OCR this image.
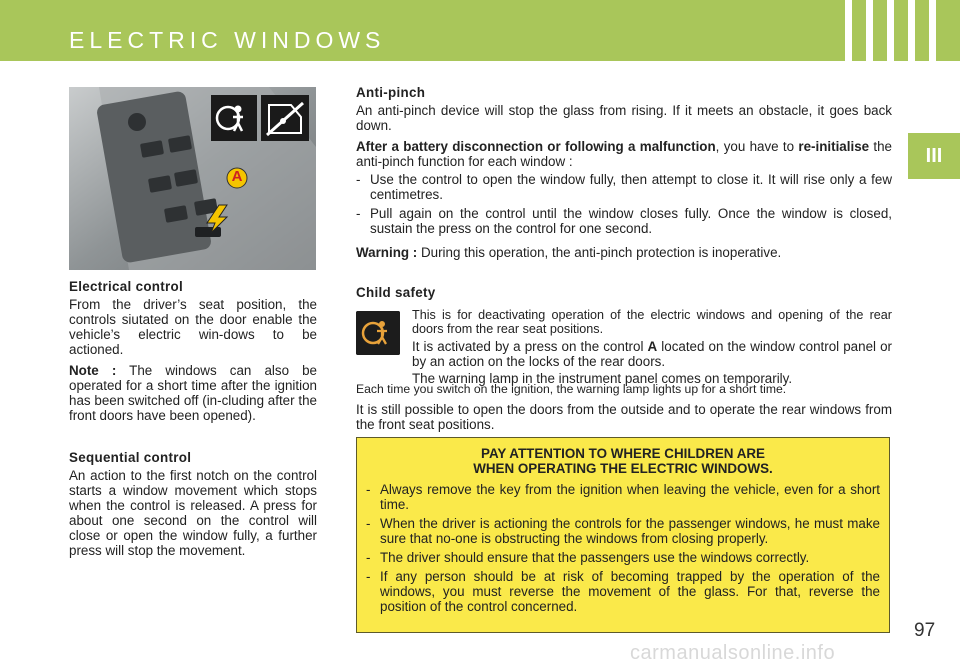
ELECTRIC WINDOWS
III
A

Electrical control

From the driver’s seat position, the controls siutated on the door enable the vehicle’s electric win-dows to be actioned.

Note : The windows can also be operated for a short time after the ignition has been switched off (in-cluding after the front doors have been opened).

Sequential control

An action to the first notch on the control starts a window movement which stops when the control is released. A press for about one second on the control will close or open the window fully, a further press will stop the movement.

Anti-pinch

An anti-pinch device will stop the glass from rising. If it meets an obstacle, it goes back down.

After a battery disconnection or following a malfunction, you have to re-initialise the anti-pinch function for each window :

- Use the control to open the window fully, then attempt to close it. It will rise only a few centimetres.
- Pull again on the control until the window closes fully. Once the window is closed, sustain the press on the control for one second.

Warning : During this operation, the anti-pinch protection is inoperative.

Child safety

This is for deactivating operation of the electric windows and opening of the rear doors from the rear seat positions.

It is activated by a press on the control A located on the window control panel or by an action on the locks of the rear doors.

The warning lamp in the instrument panel comes on temporarily.

Each time you switch on the ignition, the warning lamp lights up for a short time.

It is still possible to open the doors from the outside and to operate the rear windows from the front seat positions.

PAY ATTENTION TO WHERE CHILDREN ARE
WHEN OPERATING THE ELECTRIC WINDOWS.
- Always remove the key from the ignition when leaving the vehicle, even for a short time.
- When the driver is actioning the controls for the passenger windows, he must make sure that no-one is obstructing the windows from closing properly.
- The driver should ensure that the passengers use the windows correctly.
- If any person should be at risk of becoming trapped by the operation of the windows, you must reverse the movement of the glass. For that, reverse the position of the control concerned.
97
carmanualsonline.info
